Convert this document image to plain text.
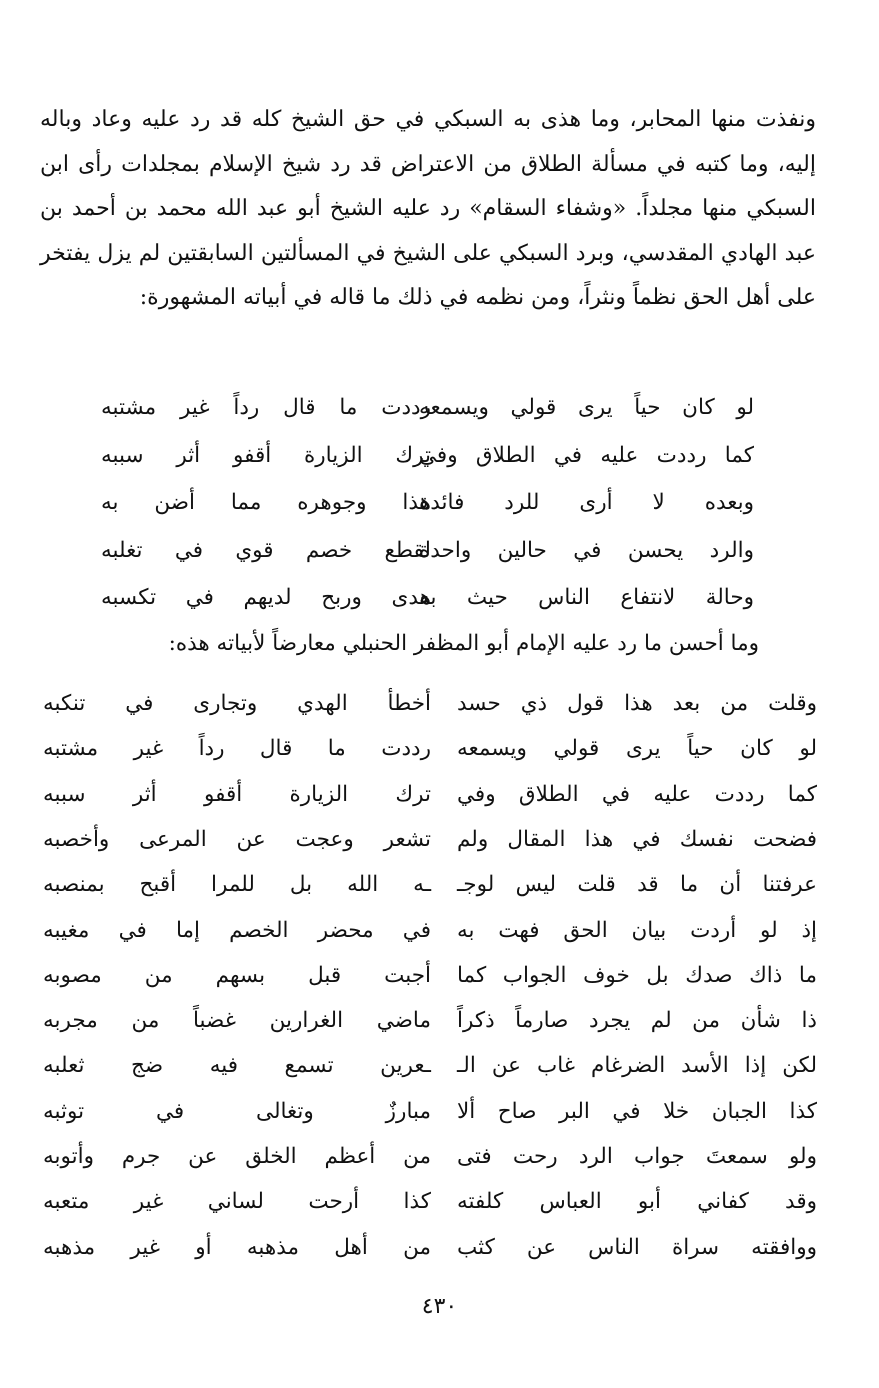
ونفذت منها المحابر، وما هذى به السبكي في حق الشيخ كله قد رد عليه وعاد وباله إليه، وما كتبه في مسألة الطلاق من الاعتراض قد رد شيخ الإسلام بمجلدات رأى ابن السبكي منها مجلداً. «وشفاء السقام» رد عليه الشيخ أبو عبد الله محمد بن أحمد بن عبد الهادي المقدسي، وبرد السبكي على الشيخ في المسألتين السابقتين لم يزل يفتخر على أهل الحق نظماً ونثراً، ومن نظمه في ذلك ما قاله في أبياته المشهورة:

لو كان حياً يرى قولي ويسمعه
رددت ما قال رداً غير مشتبه
كما رددت عليه في الطلاق وفي
ترك الزيارة أقفو أثر سببه
وبعده لا أرى للرد فائدة
هذا وجوهره مما أضن به
والرد يحسن في حالين واحدة
لقطع خصم قوي في تغلبه
وحالة لانتفاع الناس حيث به
هدى وربح لديهم في تكسبه

وما أحسن ما رد عليه الإمام أبو المظفر الحنبلي معارضاً لأبياته هذه:

وقلت من بعد هذا قول ذي حسد
أخطأ الهدي وتجارى في تنكبه
لو كان حياً يرى قولي ويسمعه
رددت ما قال رداً غير مشتبه
كما رددت عليه في الطلاق وفي
ترك الزيارة أقفو أثر سببه
فضحت نفسك في هذا المقال ولم
تشعر وعجت عن المرعى وأخصبه
عرفتنا أن ما قد قلت ليس لوجـ
ـه الله بل للمرا أقبح بمنصبه
إذ لو أردت بيان الحق فهت به
في محضر الخصم إما في مغيبه
ما ذاك صدك بل خوف الجواب كما
أجبت قبل بسهم من مصوبه
ذا شأن من لم يجرد صارماً ذكراً
ماضي الغرارين غضباً من مجربه
لكن إذا الأسد الضرغام غاب عن الـ
ـعرين تسمع فيه ضج ثعلبه
كذا الجبان خلا في البر صاح ألا
مبارزٌ وتغالى في توثبه
ولو سمعتَ جواب الرد رحت فتى
من أعظم الخلق عن جرم وأتوبه
وقد كفاني أبو العباس كلفته
كذا أرحت لساني غير متعبه
ووافقته سراة الناس عن كثب
من أهل مذهبه أو غير مذهبه
٤٣٠
